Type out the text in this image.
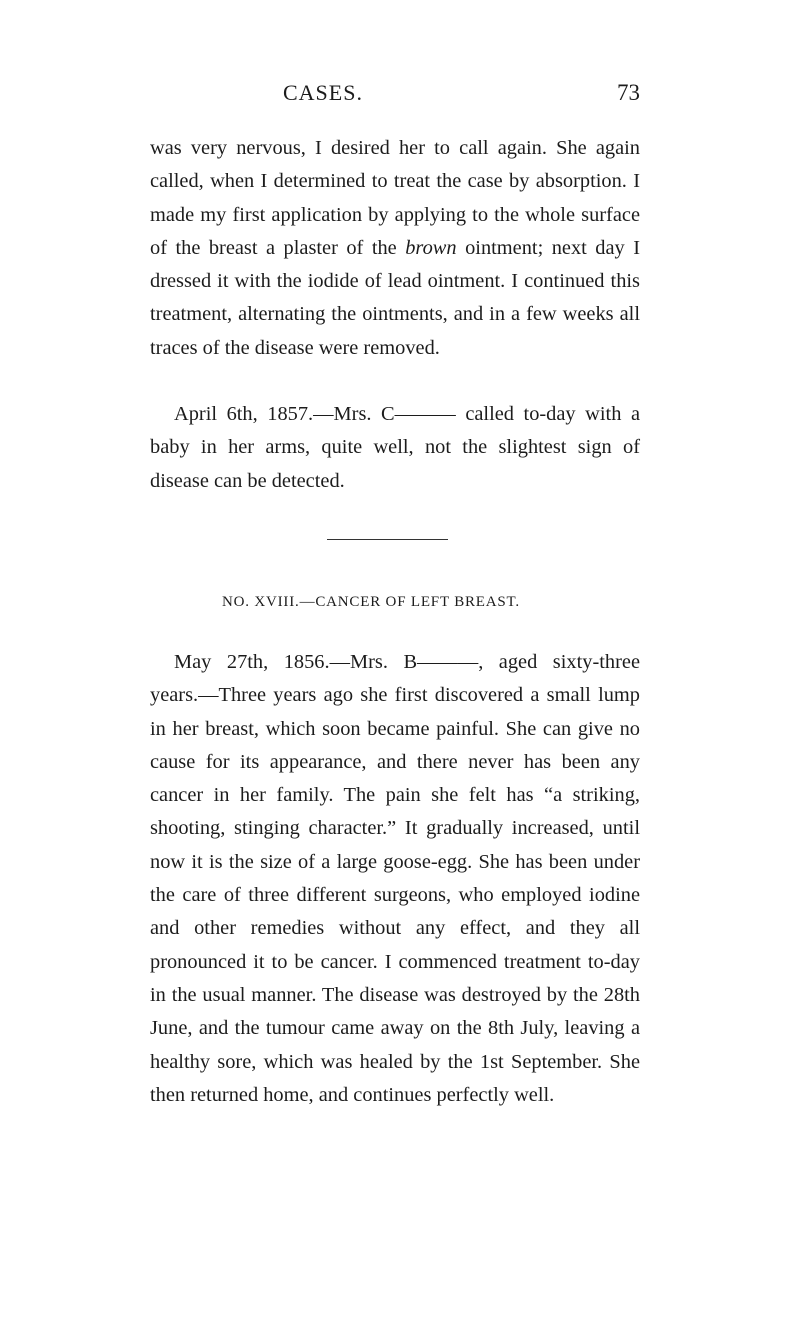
CASES.	73

was very nervous, I desired her to call again. She again called, when I determined to treat the case by absorption. I made my first application by applying to the whole surface of the breast a plaster of the brown ointment; next day I dressed it with the iodide of lead ointment. I continued this treatment, alternating the ointments, and in a few weeks all traces of the disease were removed.

April 6th, 1857.—Mrs. C——— called to-day with a baby in her arms, quite well, not the slightest sign of disease can be detected.

NO. XVIII.—CANCER OF LEFT BREAST.

May 27th, 1856.—Mrs. B———, aged sixty-three years.—Three years ago she first discovered a small lump in her breast, which soon became painful. She can give no cause for its appearance, and there never has been any cancer in her family. The pain she felt has “a striking, shooting, stinging character.” It gradually increased, until now it is the size of a large goose-egg. She has been under the care of three different surgeons, who employed iodine and other remedies without any effect, and they all pronounced it to be cancer. I commenced treatment to-day in the usual manner. The disease was destroyed by the 28th June, and the tumour came away on the 8th July, leaving a healthy sore, which was healed by the 1st September. She then returned home, and continues perfectly well.
